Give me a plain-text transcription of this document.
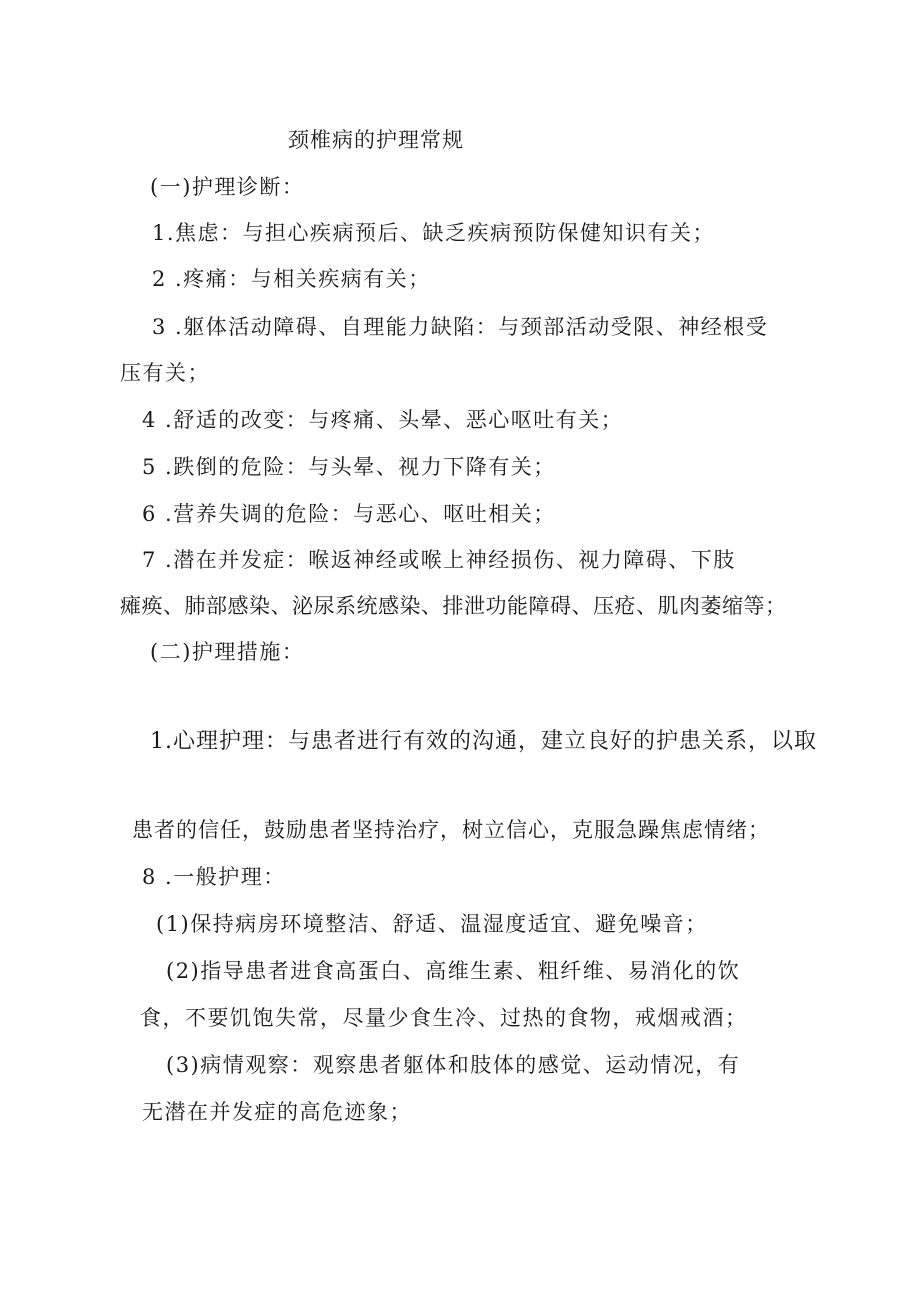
颈椎病的护理常规
(一)护理诊断：
1.焦虑：与担心疾病预后、缺乏疾病预防保健知识有关；
2 .疼痛：与相关疾病有关；
3 .躯体活动障碍、自理能力缺陷：与颈部活动受限、神经根受
压有关；
4 .舒适的改变：与疼痛、头晕、恶心呕吐有关；
5 .跌倒的危险：与头晕、视力下降有关；
6 .营养失调的危险：与恶心、呕吐相关；
7 .潜在并发症：喉返神经或喉上神经损伤、视力障碍、下肢
瘫痪、肺部感染、泌尿系统感染、排泄功能障碍、压疮、肌肉萎缩等；
(二)护理措施：
1.心理护理：与患者进行有效的沟通，建立良好的护患关系，以取
患者的信任，鼓励患者坚持治疗，树立信心，克服急躁焦虑情绪；
8 .一般护理：
(1)保持病房环境整洁、舒适、温湿度适宜、避免噪音；
(2)指导患者进食高蛋白、高维生素、粗纤维、易消化的饮
食，不要饥饱失常，尽量少食生冷、过热的食物，戒烟戒酒；
(3)病情观察：观察患者躯体和肢体的感觉、运动情况，有
无潜在并发症的高危迹象；
